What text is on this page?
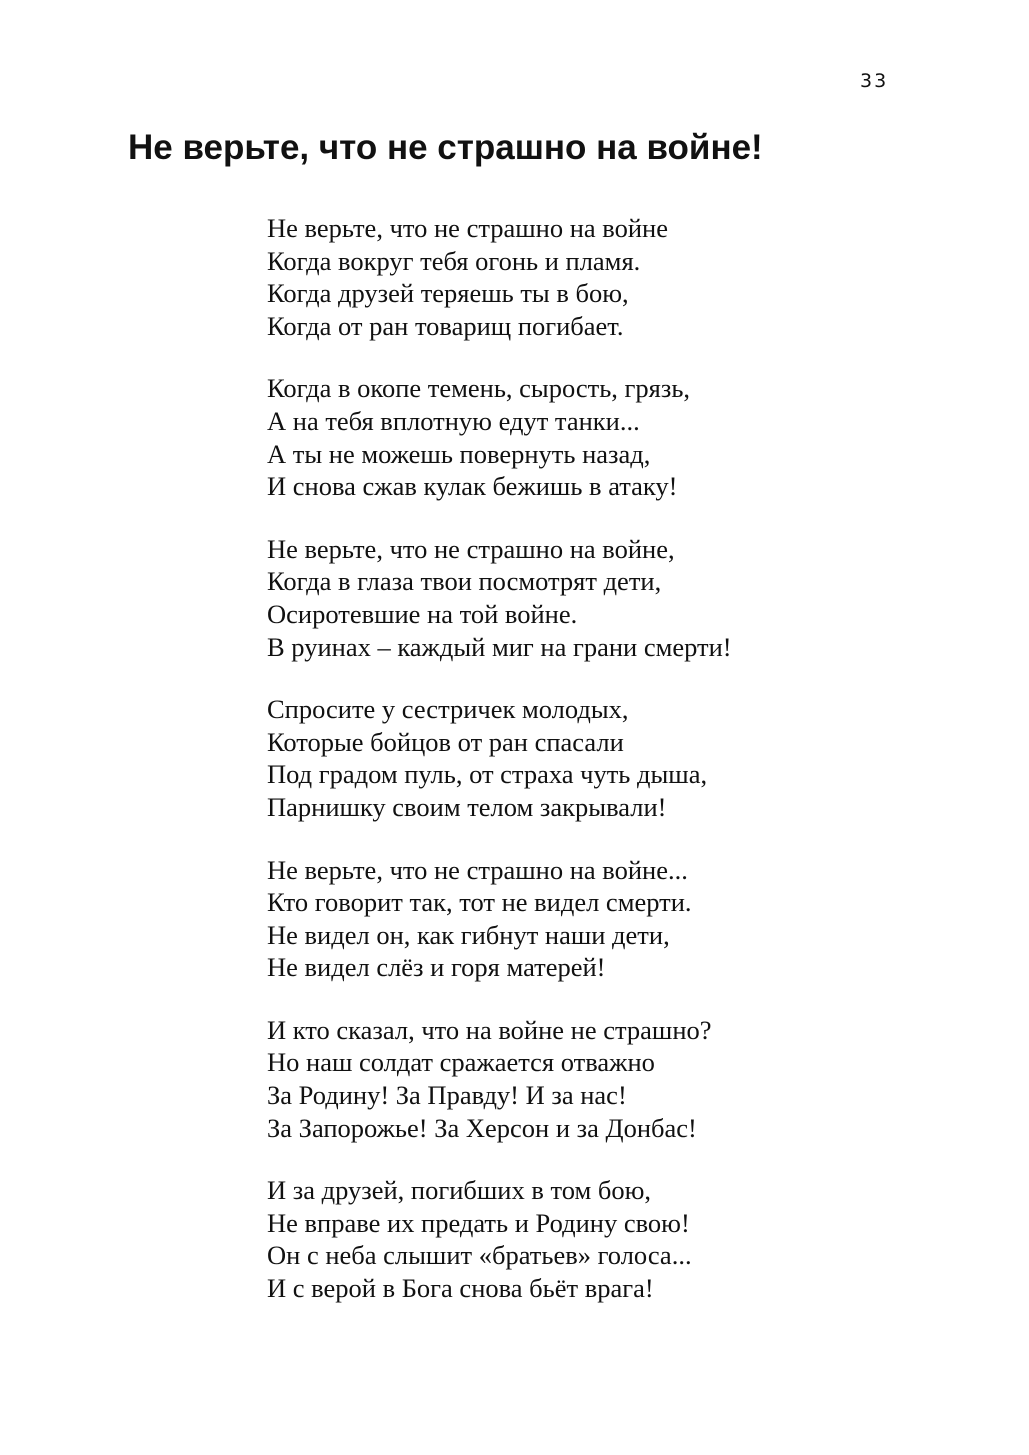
33
Не верьте, что не страшно на войне!

Не верьте, что не страшно на войне
Когда вокруг тебя огонь и пламя.
Когда друзей теряешь ты в бою,
Когда от ран товарищ погибает.

Когда в окопе темень, сырость, грязь,
А на тебя вплотную едут танки...
А ты не можешь повернуть назад,
И снова сжав кулак бежишь в атаку!

Не верьте, что не страшно на войне,
Когда в глаза твои посмотрят дети,
Осиротевшие на той войне.
В руинах – каждый миг на грани смерти!

Спросите у сестричек молодых,
Которые бойцов от ран спасали
Под градом пуль, от страха чуть дыша,
Парнишку своим телом закрывали!

Не верьте, что не страшно на войне...
Кто говорит так, тот не видел смерти.
Не видел он, как гибнут наши дети,
Не видел слёз и горя матерей!

И кто сказал, что на войне не страшно?
Но наш солдат сражается отважно
За Родину! За Правду! И за нас!
За Запорожье! За Херсон и за Донбас!

И за друзей, погибших в том бою,
Не вправе их предать и Родину свою!
Он с неба слышит «братьев» голоса...
И с верой в Бога снова бьёт врага!
